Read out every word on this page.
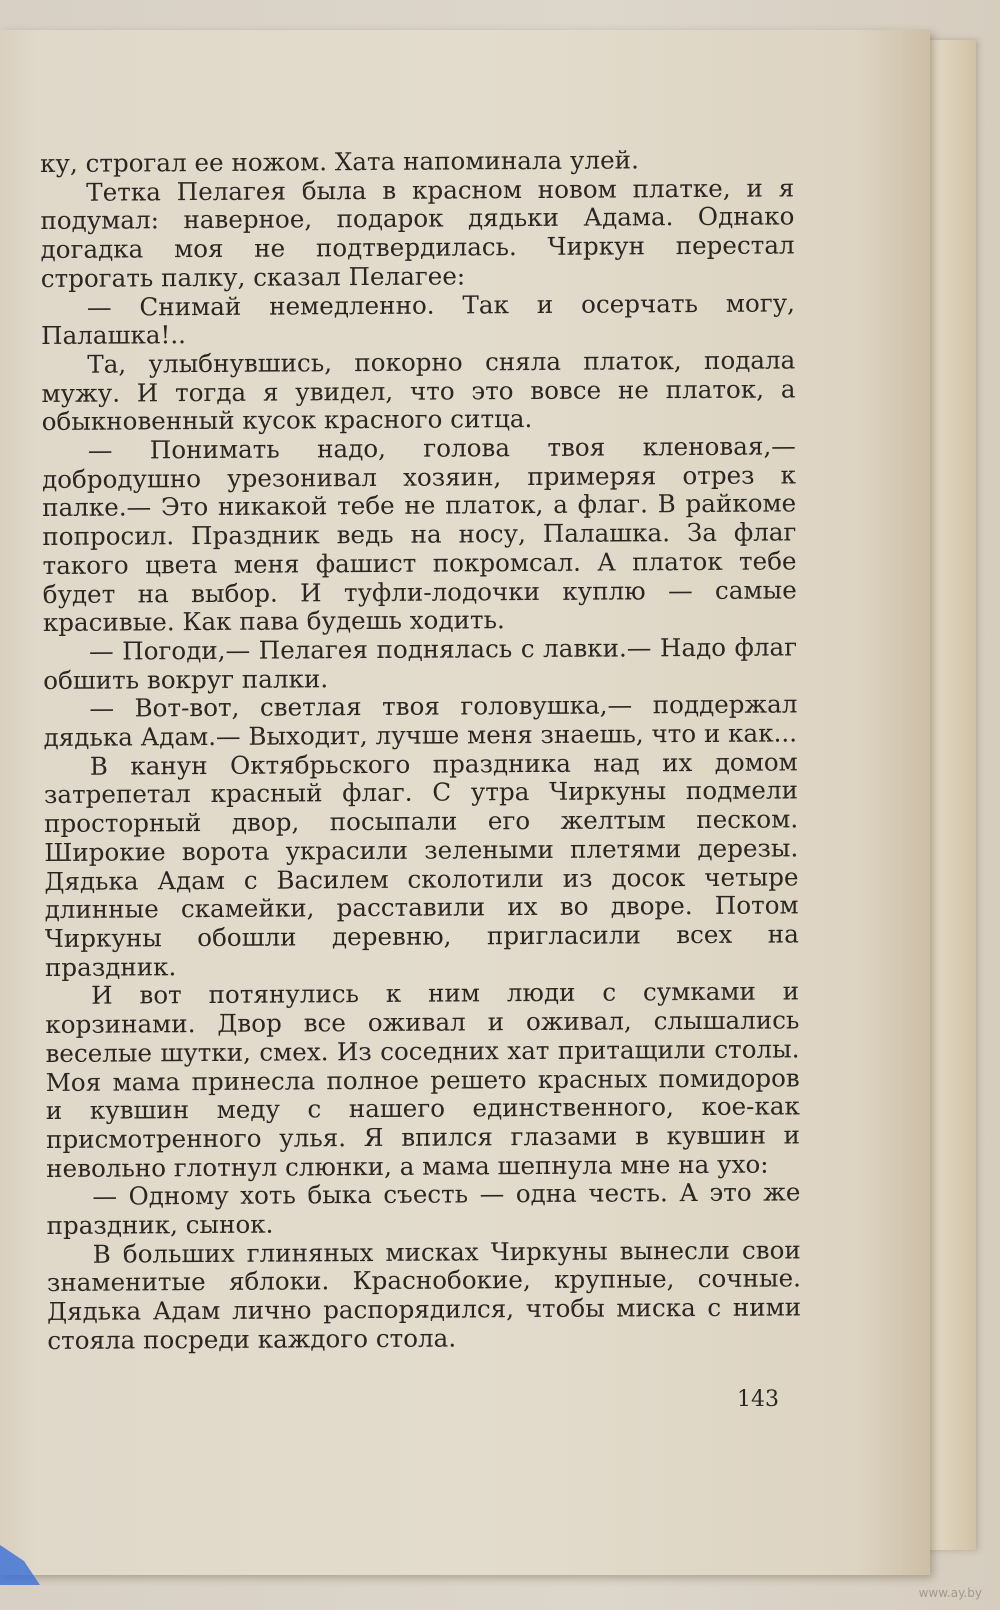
ку, строгал ее ножом. Хата напоминала улей.

Тетка Пелагея была в красном новом платке, и я подумал: наверное, подарок дядьки Адама. Однако догадка моя не подтвердилась. Чиркун перестал строгать палку, сказал Пелагее:

— Снимай немедленно. Так и осерчать могу, Палашка!..

Та, улыбнувшись, покорно сняла платок, подала мужу. И тогда я увидел, что это вовсе не платок, а обыкновенный кусок красного ситца.

— Понимать надо, голова твоя кленовая,— добродушно урезонивал хозяин, примеряя отрез к палке.— Это никакой тебе не платок, а флаг. В райкоме попросил. Праздник ведь на носу, Палашка. За флаг такого цвета меня фашист покромсал. А платок тебе будет на выбор. И туфли-лодочки куплю — самые красивые. Как пава будешь ходить.

— Погоди,— Пелагея поднялась с лавки.— Надо флаг обшить вокруг палки.

— Вот-вот, светлая твоя головушка,— поддержал дядька Адам.— Выходит, лучше меня знаешь, что и как...

В канун Октябрьского праздника над их домом затрепетал красный флаг. С утра Чиркуны подмели просторный двор, посыпали его желтым песком. Широкие ворота украсили зелеными плетями дерезы. Дядька Адам с Василем сколотили из досок четыре длинные скамейки, расставили их во дворе. Потом Чиркуны обошли деревню, пригласили всех на праздник.

И вот потянулись к ним люди с сумками и корзинами. Двор все оживал и оживал, слышались веселые шутки, смех. Из соседних хат притащили столы. Моя мама принесла полное решето красных помидоров и кувшин меду с нашего единственного, кое-как присмотренного улья. Я впился глазами в кувшин и невольно глотнул слюнки, а мама шепнула мне на ухо:

— Одному хоть быка съесть — одна честь. А это же праздник, сынок.

В больших глиняных мисках Чиркуны вынесли свои знаменитые яблоки. Краснобокие, крупные, сочные. Дядька Адам лично распорядился, чтобы миска с ними стояла посреди каждого стола.

143
www.ay.by
